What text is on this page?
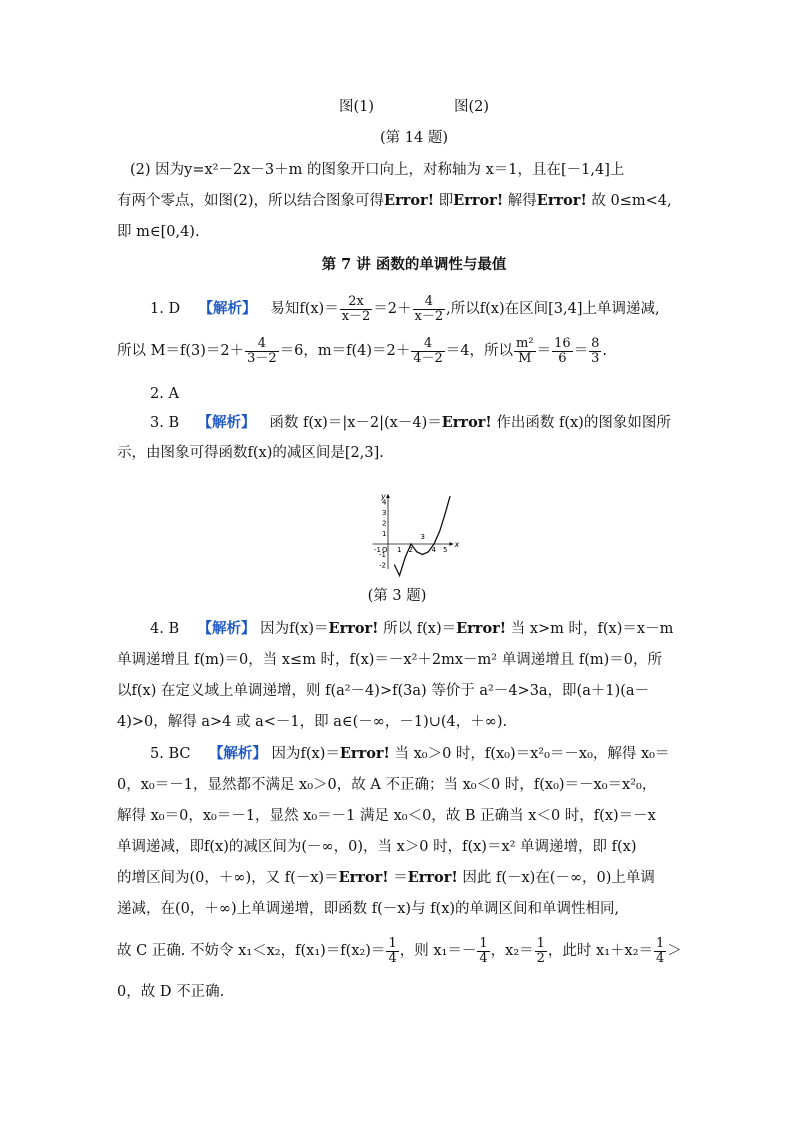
图(1)	图(2)
(第 14 题)
(2) 因为y=x²－2x－3＋m 的图象开口向上，对称轴为 x＝1，且在[－1,4]上
有两个零点，如图(2)，所以结合图象可得Error! 即Error! 解得Error! 故 0≤m<4,
即 m∈[0,4).
第 7 讲 函数的单调性与最值
1. D 【解析】 易知$f(x)= \frac{2x}{x-2} =2+ \frac{4}{x-2}$ ,所以f(x)在区间[3,4]上单调递减,
所以 $M=f(3)=2+ \frac{4}{3-2} =6$，$m=f(4)=2+ \frac{4}{4-2} =4$，所以 $\frac{\text{m²}}{M} = \frac{16}{6} = \frac{8}{3}$ .
2. A
3. B 【解析】 函数 f(x)＝|x－2|(x－4)＝Error! 作出函数 f(x)的图象如图所
示，由图象可得函数f(x)的减区间是[2,3].
x
y
-1 O 1 2	4 5
4
3
2
1
-1
-2
3
(第 3 题)
4. B 【解析】 因为f(x)＝Error! 所以 f(x)＝Error! 当 x>m 时，f(x)＝x－m
单调递增且 f(m)＝0，当 x≤m 时，f(x)＝－x²＋2mx－m² 单调递增且 f(m)＝0，所
以f(x) 在定义域上单调递增，则 f(a²－4)>f(3a) 等价于 a²－4>3a，即(a＋1)(a－
4)>0，解得 a>4 或 a<－1，即 a∈(－∞，－1)∪(4，＋∞).
5. BC 【解析】 因为f(x)＝Error! 当 x₀＞0 时，f(x₀)＝x²₀＝－x₀，解得 x₀＝
0，x₀＝－1，显然都不满足 x₀＞0，故 A 不正确；当 x₀＜0 时，f(x₀)＝－x₀＝x²₀，
解得 x₀＝0，x₀＝－1，显然 x₀＝－1 满足 x₀＜0，故 B 正确当 x＜0 时，f(x)＝－x
单调递减，即f(x)的减区间为(－∞，0)，当 x＞0 时，f(x)＝x² 单调递增，即 f(x)
的增区间为(0，＋∞)，又 f(－x)＝Error! ＝Error! 因此 f(－x)在(－∞，0)上单调
递减，在(0，＋∞)上单调递增，即函数 f(－x)与 f(x)的单调区间和单调性相同,
故 C 正确. 不妨令 x₁＜x₂，$f(x_1)=f(x_2)= \frac{1}{4}$ ，则 $x_1=- \frac{1}{4}$ ，$x_2= \frac{1}{2}$ ，此时 $x_1+x_2= \frac{1}{4}$ ＞
0，故 D 不正确.
